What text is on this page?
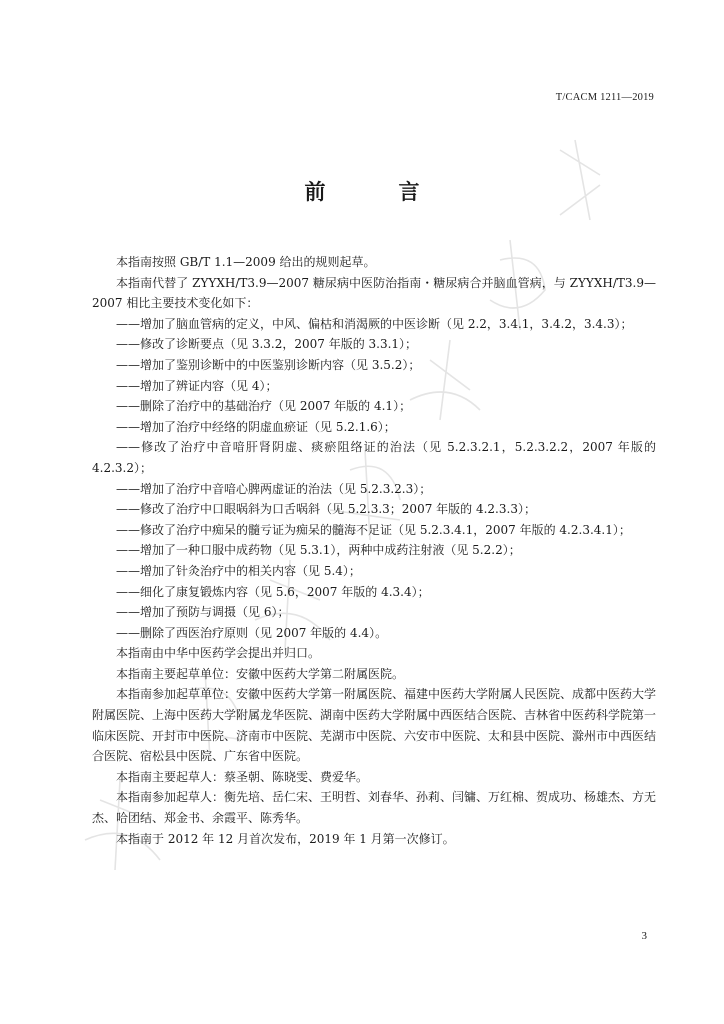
T/CACM 1211—2019
前　言

本指南按照 GB/T 1.1—2009 给出的规则起草。

本指南代替了 ZYYXH/T3.9—2007 糖尿病中医防治指南・糖尿病合并脑血管病，与 ZYYXH/T3.9—2007 相比主要技术变化如下：

——增加了脑血管病的定义，中风、偏枯和消渴厥的中医诊断（见 2.2，3.4.1，3.4.2，3.4.3）；

——修改了诊断要点（见 3.3.2，2007 年版的 3.3.1）；

——增加了鉴别诊断中的中医鉴别诊断内容（见 3.5.2）；

——增加了辨证内容（见 4）；

——删除了治疗中的基础治疗（见 2007 年版的 4.1）；

——增加了治疗中经络的阴虚血瘀证（见 5.2.1.6）；

——修改了治疗中音喑肝肾阴虚、痰瘀阻络证的治法（见 5.2.3.2.1，5.2.3.2.2，2007 年版的 4.2.3.2）；

——增加了治疗中音喑心脾两虚证的治法（见 5.2.3.2.3）；

——修改了治疗中口眼㖞斜为口舌㖞斜（见 5.2.3.3；2007 年版的 4.2.3.3）；

——修改了治疗中痴呆的髓亏证为痴呆的髓海不足证（见 5.2.3.4.1，2007 年版的 4.2.3.4.1）；

——增加了一种口服中成药物（见 5.3.1），两种中成药注射液（见 5.2.2）；

——增加了针灸治疗中的相关内容（见 5.4）；

——细化了康复锻炼内容（见 5.6，2007 年版的 4.3.4）；

——增加了预防与调摄（见 6）；

——删除了西医治疗原则（见 2007 年版的 4.4）。

本指南由中华中医药学会提出并归口。

本指南主要起草单位：安徽中医药大学第二附属医院。

本指南参加起草单位：安徽中医药大学第一附属医院、福建中医药大学附属人民医院、成都中医药大学附属医院、上海中医药大学附属龙华医院、湖南中医药大学附属中西医结合医院、吉林省中医药科学院第一临床医院、开封市中医院、济南市中医院、芜湖市中医院、六安市中医院、太和县中医院、滁州市中西医结合医院、宿松县中医院、广东省中医院。

本指南主要起草人：蔡圣朝、陈晓雯、费爱华。

本指南参加起草人：衡先培、岳仁宋、王明哲、刘春华、孙莉、闫镛、万红棉、贺成功、杨雄杰、方无杰、哈团结、郑金书、余霞平、陈秀华。

本指南于 2012 年 12 月首次发布，2019 年 1 月第一次修订。

3
